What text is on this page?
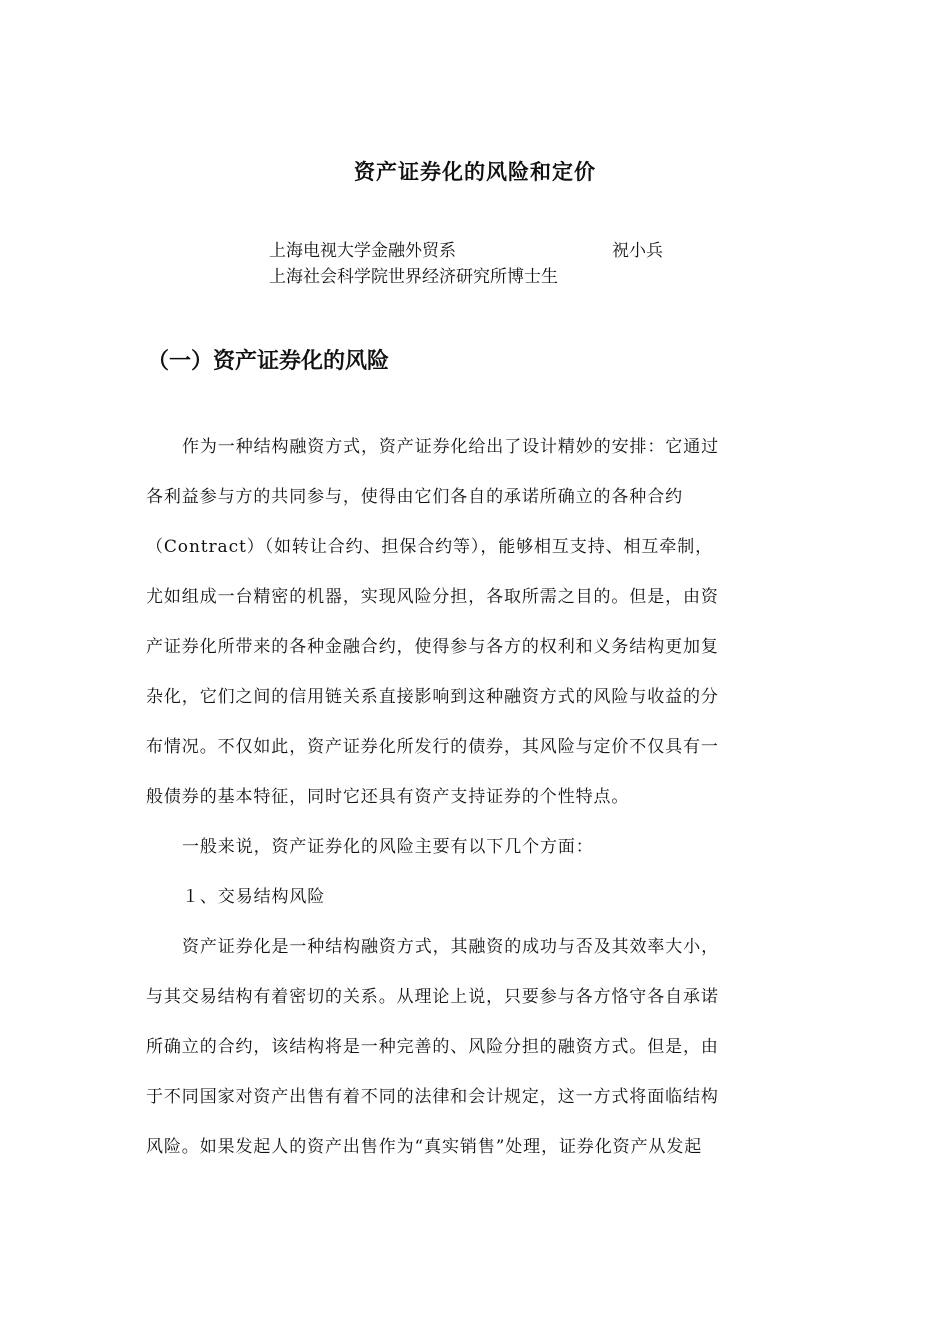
资产证券化的风险和定价

上海电视大学金融外贸系	祝小兵

上海社会科学院世界经济研究所博士生

（一）资产证券化的风险
作为一种结构融资方式，资产证券化给出了设计精妙的安排：它通过
各利益参与方的共同参与，使得由它们各自的承诺所确立的各种合约
（Contract）（如转让合约、担保合约等），能够相互支持、相互牵制，
尤如组成一台精密的机器，实现风险分担，各取所需之目的。但是，由资
产证券化所带来的各种金融合约，使得参与各方的权利和义务结构更加复
杂化，它们之间的信用链关系直接影响到这种融资方式的风险与收益的分
布情况。不仅如此，资产证券化所发行的债券，其风险与定价不仅具有一
般债券的基本特征，同时它还具有资产支持证券的个性特点。
一般来说，资产证券化的风险主要有以下几个方面：
１、交易结构风险
资产证券化是一种结构融资方式，其融资的成功与否及其效率大小，
与其交易结构有着密切的关系。从理论上说，只要参与各方恪守各自承诺
所确立的合约，该结构将是一种完善的、风险分担的融资方式。但是，由
于不同国家对资产出售有着不同的法律和会计规定，这一方式将面临结构
风险。如果发起人的资产出售作为“真实销售”处理，证券化资产从发起
